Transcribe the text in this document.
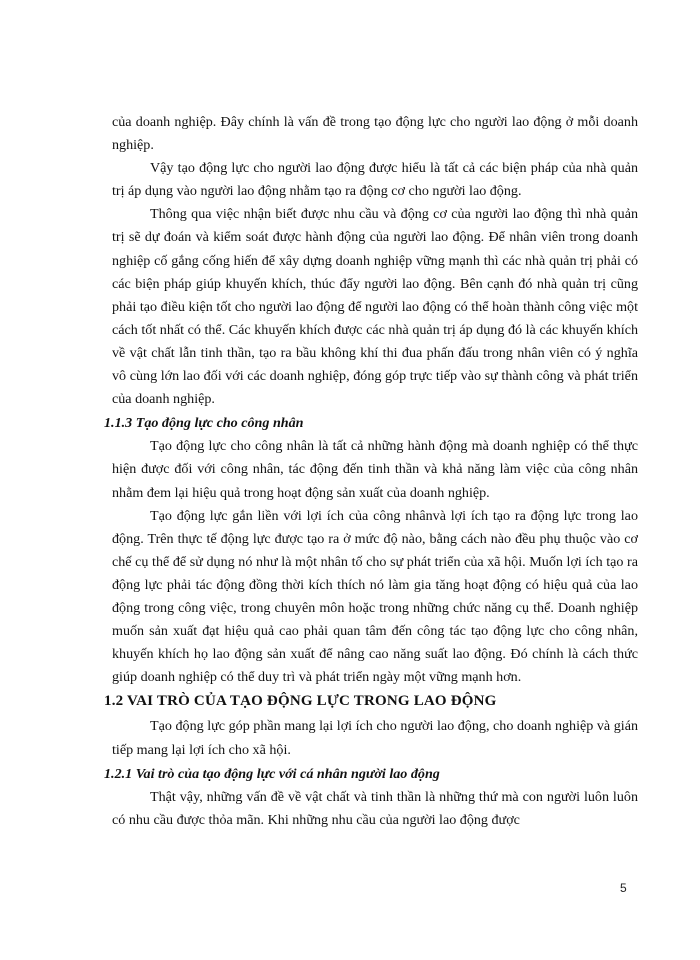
của doanh nghiệp. Đây chính là vấn đề trong tạo động lực cho người lao động ở mỗi doanh nghiệp.

Vậy tạo động lực cho người lao động được hiểu là tất cả các biện pháp của nhà quản trị áp dụng vào người lao động nhằm tạo ra động cơ cho người lao động.

Thông qua việc nhận biết được nhu cầu và động cơ của người lao động thì nhà quản trị sẽ dự đoán và kiểm soát được hành động của người lao động. Để nhân viên trong doanh nghiệp cố gắng cống hiến để xây dựng doanh nghiệp vững mạnh thì các nhà quản trị phải có các biện pháp giúp khuyến khích, thúc đẩy người lao động. Bên cạnh đó nhà quản trị cũng phải tạo điều kiện tốt cho người lao động để người lao động có thể hoàn thành công việc một cách tốt nhất có thể. Các khuyến khích được các nhà quản trị áp dụng đó là các khuyến khích về vật chất lẫn tinh thần, tạo ra bầu không khí thi đua phấn đấu trong nhân viên có ý nghĩa vô cùng lớn lao đối với các doanh nghiệp, đóng góp trực tiếp vào sự thành công và phát triển của doanh nghiệp.

1.1.3 Tạo động lực cho công nhân

Tạo động lực cho công nhân là tất cả những hành động mà doanh nghiệp có thể thực hiện được đối với công nhân, tác động đến tinh thần và khả năng làm việc của công nhân nhằm đem lại hiệu quả trong hoạt động sản xuất của doanh nghiệp.

Tạo động lực gắn liền với lợi ích của công nhânvà lợi ích tạo ra động lực trong lao động. Trên thực tế động lực được tạo ra ở mức độ nào, bằng cách nào đều phụ thuộc vào cơ chế cụ thể để sử dụng nó như là một nhân tố cho sự phát triển của xã hội. Muốn lợi ích tạo ra động lực phải tác động đồng thời kích thích nó làm gia tăng hoạt động có hiệu quả của lao động trong công việc, trong chuyên môn hoặc trong những chức năng cụ thể. Doanh nghiệp muốn sản xuất đạt hiệu quả cao phải quan tâm đến công tác tạo động lực cho công nhân, khuyến khích họ lao động sản xuất để nâng cao năng suất lao động. Đó chính là cách thức giúp doanh nghiệp có thể duy trì và phát triển ngày một vững mạnh hơn.

1.2 VAI TRÒ CỦA TẠO ĐỘNG LỰC TRONG LAO ĐỘNG

Tạo động lực góp phần mang lại lợi ích cho người lao động, cho doanh nghiệp và gián tiếp mang lại lợi ích cho xã hội.

1.2.1 Vai trò của tạo động lực với cá nhân người lao động

Thật vậy, những vấn đề về vật chất và tinh thần là những thứ mà con người luôn luôn có nhu cầu được thỏa mãn. Khi những nhu cầu của người lao động được

5
